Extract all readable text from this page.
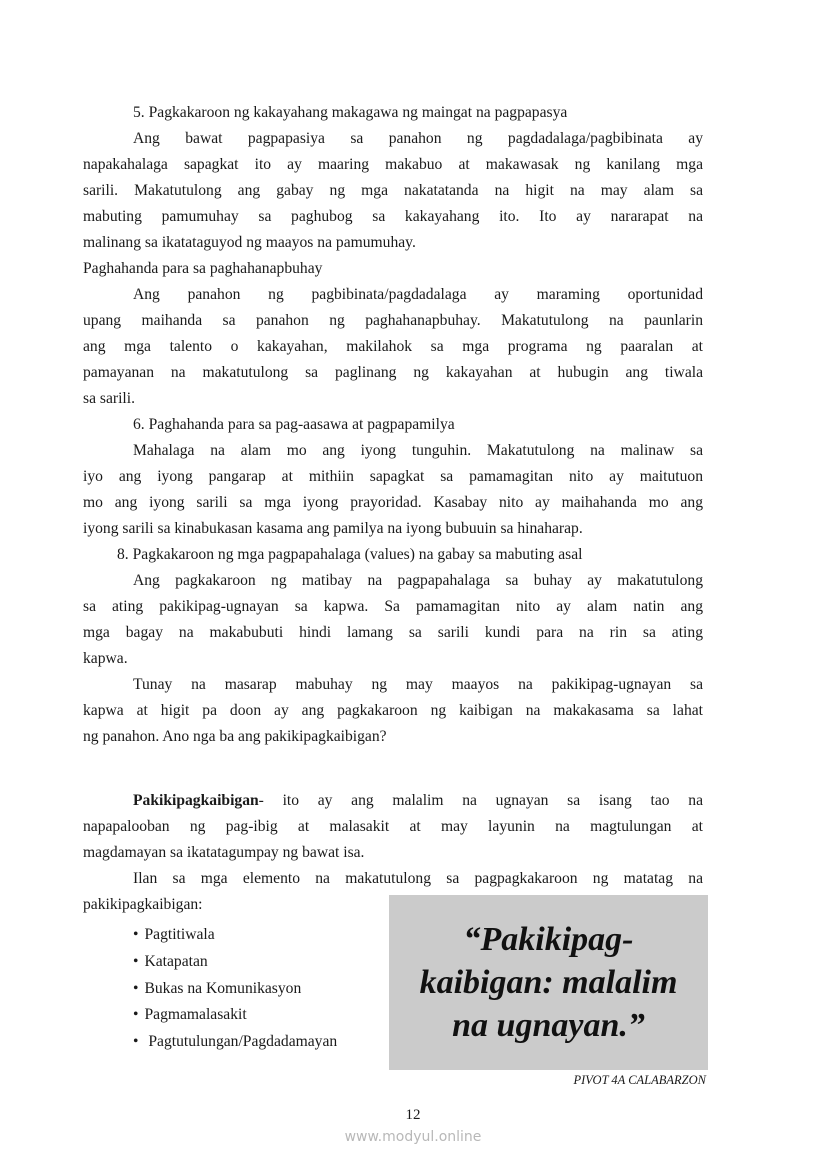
5. Pagkakaroon ng kakayahang makagawa ng maingat na pagpapasya
Ang bawat pagpapasiya sa panahon ng pagdadalaga/pagbibinata ay
napakahalaga sapagkat ito ay maaring makabuo at makawasak ng kanilang mga
sarili. Makatutulong ang gabay ng mga nakatatanda na higit na may alam sa
mabuting pamumuhay sa paghubog sa kakayahang ito. Ito ay nararapat na
malinang sa ikatataguyod ng maayos na pamumuhay.
Paghahanda para sa paghahanapbuhay
Ang panahon ng pagbibinata/pagdadalaga ay maraming oportunidad
upang maihanda sa panahon ng paghahanapbuhay. Makatutulong na paunlarin
ang mga talento o kakayahan, makilahok sa mga programa ng paaralan at
pamayanan na makatutulong sa paglinang ng kakayahan at hubugin ang tiwala
sa sarili.
6. Paghahanda para sa pag-aasawa at pagpapamilya
Mahalaga na alam mo ang iyong tunguhin. Makatutulong na malinaw sa
iyo ang iyong pangarap at mithiin sapagkat sa pamamagitan nito ay maitutuon
mo ang iyong sarili sa mga iyong prayoridad. Kasabay nito ay maihahanda mo ang
iyong sarili sa kinabukasan kasama ang pamilya na iyong bubuuin sa hinaharap.
8. Pagkakaroon ng mga pagpapahalaga (values) na gabay sa mabuting asal
Ang pagkakaroon ng matibay na pagpapahalaga sa buhay ay makatutulong
sa ating pakikipag-ugnayan sa kapwa. Sa pamamagitan nito ay alam natin ang
mga bagay na makabubuti hindi lamang sa sarili kundi para na rin sa ating
kapwa.
Tunay na masarap mabuhay ng may maayos na pakikipag-ugnayan sa
kapwa at higit pa doon ay ang pagkakaroon ng kaibigan na makakasama sa lahat
ng panahon. Ano nga ba ang pakikipagkaibigan?
Pakikipagkaibigan- ito ay ang malalim na ugnayan sa isang tao na
napapalooban ng pag-ibig at malasakit at may layunin na magtulungan at
magdamayan sa ikatatagumpay ng bawat isa.
Ilan sa mga elemento na makatutulong sa pagpagkakaroon ng matatag na
pakikipagkaibigan:
• Pagtitiwala
• Katapatan
• Bukas na Komunikasyon
• Pagmamalasakit
• Pagtutulungan/Pagdadamayan
“Pakikipag-
kaibigan: malalim
na ugnayan.”
PIVOT 4A CALABARZON
12
www.modyul.online
